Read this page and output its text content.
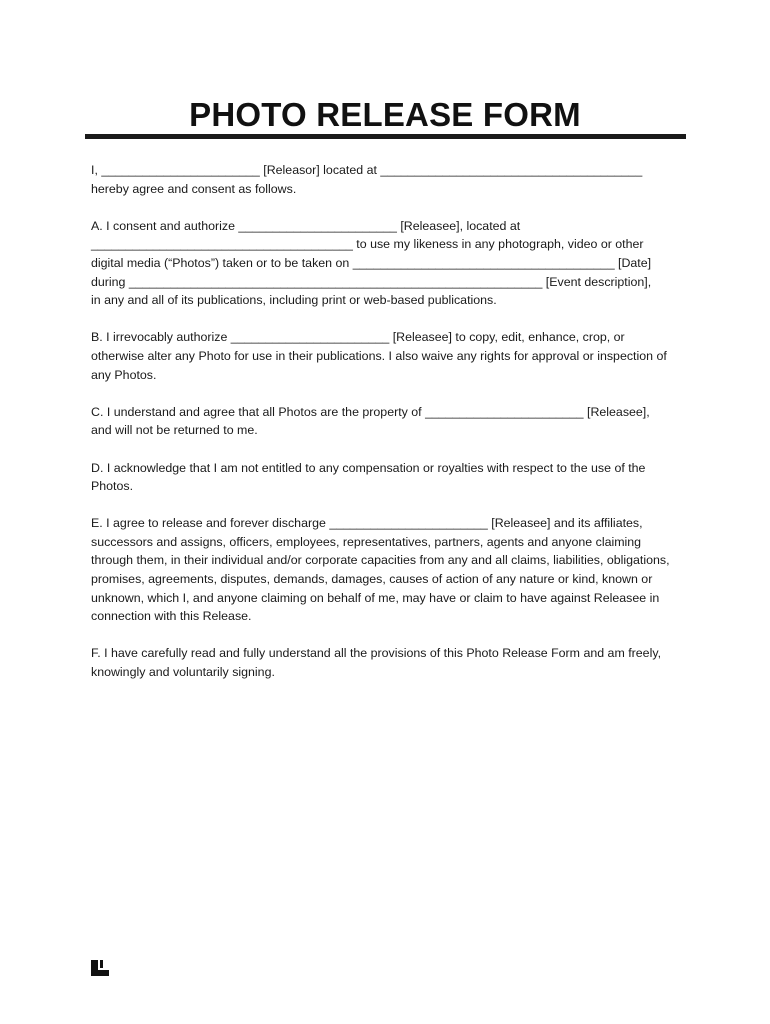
PHOTO RELEASE FORM
I, _______________________ [Releasor] located at ______________________________________
hereby agree and consent as follows.
A. I consent and authorize _______________________ [Releasee], located at
______________________________________ to use my likeness in any photograph, video or other
digital media (“Photos”) taken or to be taken on ______________________________________ [Date]
during ____________________________________________________________ [Event description],
in any and all of its publications, including print or web-based publications.
B. I irrevocably authorize _______________________ [Releasee] to copy, edit, enhance, crop, or
otherwise alter any Photo for use in their publications. I also waive any rights for approval or inspection of
any Photos.
C. I understand and agree that all Photos are the property of _______________________ [Releasee],
and will not be returned to me.
D. I acknowledge that I am not entitled to any compensation or royalties with respect to the use of the
Photos.
E. I agree to release and forever discharge _______________________ [Releasee] and its affiliates,
successors and assigns, officers, employees, representatives, partners, agents and anyone claiming
through them, in their individual and/or corporate capacities from any and all claims, liabilities, obligations,
promises, agreements, disputes, demands, damages, causes of action of any nature or kind, known or
unknown, which I, and anyone claiming on behalf of me, may have or claim to have against Releasee in
connection with this Release.
F. I have carefully read and fully understand all the provisions of this Photo Release Form and am freely,
knowingly and voluntarily signing.
